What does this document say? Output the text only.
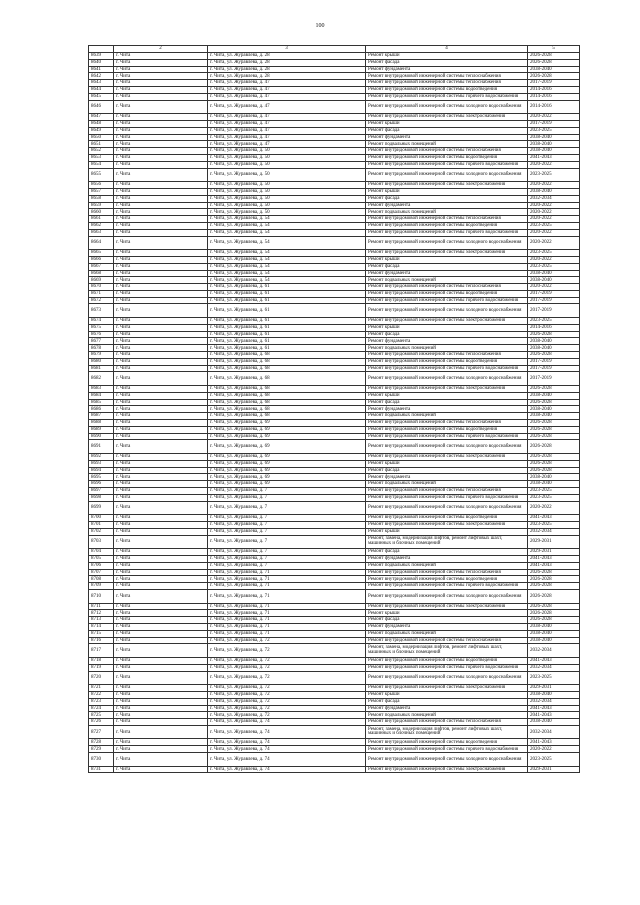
100
	2	3	4	5
8639	г. Чита	г. Чита, ул. Журавлева, д. 28	Ремонт крыши	2026-2028
8640	г. Чита	г. Чита, ул. Журавлева, д. 28	Ремонт фасада	2026-2028
8641	г. Чита	г. Чита, ул. Журавлева, д. 28	Ремонт фундамента	2038-2040
8642	г. Чита	г. Чита, ул. Журавлева, д. 28	Ремонт внутридомовой инженерной системы теплоснабжения	2026-2028
8643	г. Чита	г. Чита, ул. Журавлева, д. 47	Ремонт внутридомовой инженерной системы теплоснабжения	2017-2019
8644	г. Чита	г. Чита, ул. Журавлева, д. 47	Ремонт внутридомовой инженерной системы водоотведения	2014-2016
8645	г. Чита	г. Чита, ул. Журавлева, д. 47	Ремонт внутридомовой инженерной системы горячего водоснабжения	2014-2016
8646	г. Чита	г. Чита, ул. Журавлева, д. 47	Ремонт внутридомовой инженерной системы холодного водоснабжения	2014-2016
8647	г. Чита	г. Чита, ул. Журавлева, д. 47	Ремонт внутридомовой инженерной системы электроснабжения	2020-2022
8648	г. Чита	г. Чита, ул. Журавлева, д. 47	Ремонт крыши	2017-2019
8649	г. Чита	г. Чита, ул. Журавлева, д. 47	Ремонт фасада	2023-2025
8650	г. Чита	г. Чита, ул. Журавлева, д. 47	Ремонт фундамента	2038-2040
8651	г. Чита	г. Чита, ул. Журавлева, д. 47	Ремонт подвальных помещений	2038-2040
8652	г. Чита	г. Чита, ул. Журавлева, д. 50	Ремонт внутридомовой инженерной системы теплоснабжения	2038-2040
8653	г. Чита	г. Чита, ул. Журавлева, д. 50	Ремонт внутридомовой инженерной системы водоотведения	2041-2043
8654	г. Чита	г. Чита, ул. Журавлева, д. 50	Ремонт внутридомовой инженерной системы горячего водоснабжения	2020-2022
8655	г. Чита	г. Чита, ул. Журавлева, д. 50	Ремонт внутридомовой инженерной системы холодного водоснабжения	2023-2025
8656	г. Чита	г. Чита, ул. Журавлева, д. 50	Ремонт внутридомовой инженерной системы электроснабжения	2020-2022
8657	г. Чита	г. Чита, ул. Журавлева, д. 50	Ремонт крыши	2038-2040
8658	г. Чита	г. Чита, ул. Журавлева, д. 50	Ремонт фасада	2032-2034
8659	г. Чита	г. Чита, ул. Журавлева, д. 50	Ремонт фундамента	2020-2022
8660	г. Чита	г. Чита, ул. Журавлева, д. 50	Ремонт подвальных помещений	2020-2022
8661	г. Чита	г. Чита, ул. Журавлева, д. 54	Ремонт внутридомовой инженерной системы теплоснабжения	2020-2022
8662	г. Чита	г. Чита, ул. Журавлева, д. 54	Ремонт внутридомовой инженерной системы водоотведения	2023-2025
8663	г. Чита	г. Чита, ул. Журавлева, д. 54	Ремонт внутридомовой инженерной системы горячего водоснабжения	2020-2022
8664	г. Чита	г. Чита, ул. Журавлева, д. 54	Ремонт внутридомовой инженерной системы холодного водоснабжения	2020-2022
8665	г. Чита	г. Чита, ул. Журавлева, д. 54	Ремонт внутридомовой инженерной системы электроснабжения	2023-2025
8666	г. Чита	г. Чита, ул. Журавлева, д. 54	Ремонт крыши	2020-2022
8667	г. Чита	г. Чита, ул. Журавлева, д. 54	Ремонт фасада	2023-2025
8668	г. Чита	г. Чита, ул. Журавлева, д. 54	Ремонт фундамента	2038-2040
8669	г. Чита	г. Чита, ул. Журавлева, д. 54	Ремонт подвальных помещений	2038-2040
8670	г. Чита	г. Чита, ул. Журавлева, д. 61	Ремонт внутридомовой инженерной системы теплоснабжения	2020-2022
8671	г. Чита	г. Чита, ул. Журавлева, д. 61	Ремонт внутридомовой инженерной системы водоотведения	2017-2019
8672	г. Чита	г. Чита, ул. Журавлева, д. 61	Ремонт внутридомовой инженерной системы горячего водоснабжения	2017-2019
8673	г. Чита	г. Чита, ул. Журавлева, д. 61	Ремонт внутридомовой инженерной системы холодного водоснабжения	2017-2019
8674	г. Чита	г. Чита, ул. Журавлева, д. 61	Ремонт внутридомовой инженерной системы электроснабжения	2023-2025
8675	г. Чита	г. Чита, ул. Журавлева, д. 61	Ремонт крыши	2014-2016
8676	г. Чита	г. Чита, ул. Журавлева, д. 61	Ремонт фасада	2026-2028
8677	г. Чита	г. Чита, ул. Журавлева, д. 61	Ремонт фундамента	2038-2040
8678	г. Чита	г. Чита, ул. Журавлева, д. 61	Ремонт подвальных помещений	2038-2040
8679	г. Чита	г. Чита, ул. Журавлева, д. 68	Ремонт внутридомовой инженерной системы теплоснабжения	2026-2028
8680	г. Чита	г. Чита, ул. Журавлева, д. 68	Ремонт внутридомовой инженерной системы водоотведения	2017-2019
8681	г. Чита	г. Чита, ул. Журавлева, д. 68	Ремонт внутридомовой инженерной системы горячего водоснабжения	2017-2019
8682	г. Чита	г. Чита, ул. Журавлева, д. 68	Ремонт внутридомовой инженерной системы холодного водоснабжения	2017-2019
8683	г. Чита	г. Чита, ул. Журавлева, д. 68	Ремонт внутридомовой инженерной системы электроснабжения	2026-2028
8684	г. Чита	г. Чита, ул. Журавлева, д. 68	Ремонт крыши	2038-2040
8685	г. Чита	г. Чита, ул. Журавлева, д. 68	Ремонт фасада	2026-2028
8686	г. Чита	г. Чита, ул. Журавлева, д. 68	Ремонт фундамента	2038-2040
8687	г. Чита	г. Чита, ул. Журавлева, д. 68	Ремонт подвальных помещений	2038-2040
8688	г. Чита	г. Чита, ул. Журавлева, д. 69	Ремонт внутридомовой инженерной системы теплоснабжения	2026-2028
8689	г. Чита	г. Чита, ул. Журавлева, д. 69	Ремонт внутридомовой инженерной системы водоотведения	2026-2028
8690	г. Чита	г. Чита, ул. Журавлева, д. 69	Ремонт внутридомовой инженерной системы горячего водоснабжения	2026-2028
8691	г. Чита	г. Чита, ул. Журавлева, д. 69	Ремонт внутридомовой инженерной системы холодного водоснабжения	2026-2028
8692	г. Чита	г. Чита, ул. Журавлева, д. 69	Ремонт внутридомовой инженерной системы электроснабжения	2026-2028
8693	г. Чита	г. Чита, ул. Журавлева, д. 69	Ремонт крыши	2026-2028
8694	г. Чита	г. Чита, ул. Журавлева, д. 69	Ремонт фасада	2026-2028
8695	г. Чита	г. Чита, ул. Журавлева, д. 69	Ремонт фундамента	2038-2040
8696	г. Чита	г. Чита, ул. Журавлева, д. 69	Ремонт подвальных помещений	2038-2040
8697	г. Чита	г. Чита, ул. Журавлева, д. 7	Ремонт внутридомовой инженерной системы теплоснабжения	2023-2025
8698	г. Чита	г. Чита, ул. Журавлева, д. 7	Ремонт внутридомовой инженерной системы горячего водоснабжения	2023-2025
8699	г. Чита	г. Чита, ул. Журавлева, д. 7	Ремонт внутридомовой инженерной системы холодного водоснабжения	2020-2022
8700	г. Чита	г. Чита, ул. Журавлева, д. 7	Ремонт внутридомовой инженерной системы водоотведения	2041-2043
8701	г. Чита	г. Чита, ул. Журавлева, д. 7	Ремонт внутридомовой инженерной системы электроснабжения	2023-2025
8702	г. Чита	г. Чита, ул. Журавлева, д. 7	Ремонт крыши	2032-2034
8703	г. Чита	г. Чита, ул. Журавлева, д. 7	Ремонт, замена, модернизация лифтов, ремонт лифтовых шахт, машинных и блочных помещений	2029-2031
8704	г. Чита	г. Чита, ул. Журавлева, д. 7	Ремонт фасада	2029-2031
8705	г. Чита	г. Чита, ул. Журавлева, д. 7	Ремонт фундамента	2041-2043
8706	г. Чита	г. Чита, ул. Журавлева, д. 7	Ремонт подвальных помещений	2041-2043
8707	г. Чита	г. Чита, ул. Журавлева, д. 71	Ремонт внутридомовой инженерной системы теплоснабжения	2026-2028
8708	г. Чита	г. Чита, ул. Журавлева, д. 71	Ремонт внутридомовой инженерной системы водоотведения	2026-2028
8709	г. Чита	г. Чита, ул. Журавлева, д. 71	Ремонт внутридомовой инженерной системы горячего водоснабжения	2026-2028
8710	г. Чита	г. Чита, ул. Журавлева, д. 71	Ремонт внутридомовой инженерной системы холодного водоснабжения	2026-2028
8711	г. Чита	г. Чита, ул. Журавлева, д. 71	Ремонт внутридомовой инженерной системы электроснабжения	2026-2028
8712	г. Чита	г. Чита, ул. Журавлева, д. 71	Ремонт крыши	2026-2028
8713	г. Чита	г. Чита, ул. Журавлева, д. 71	Ремонт фасада	2026-2028
8714	г. Чита	г. Чита, ул. Журавлева, д. 71	Ремонт фундамента	2038-2040
8715	г. Чита	г. Чита, ул. Журавлева, д. 71	Ремонт подвальных помещений	2038-2040
8716	г. Чита	г. Чита, ул. Журавлева, д. 72	Ремонт внутридомовой инженерной системы теплоснабжения	2038-2040
8717	г. Чита	г. Чита, ул. Журавлева, д. 72	Ремонт, замена, модернизация лифтов, ремонт лифтовых шахт, машинных и блочных помещений	2032-2034
8718	г. Чита	г. Чита, ул. Журавлева, д. 72	Ремонт внутридомовой инженерной системы водоотведения	2041-2043
8719	г. Чита	г. Чита, ул. Журавлева, д. 72	Ремонт внутридомовой инженерной системы горячего водоснабжения	2032-2034
8720	г. Чита	г. Чита, ул. Журавлева, д. 72	Ремонт внутридомовой инженерной системы холодного водоснабжения	2023-2025
8721	г. Чита	г. Чита, ул. Журавлева, д. 72	Ремонт внутридомовой инженерной системы электроснабжения	2029-2031
8722	г. Чита	г. Чита, ул. Журавлева, д. 72	Ремонт крыши	2038-2040
8723	г. Чита	г. Чита, ул. Журавлева, д. 72	Ремонт фасада	2032-2034
8724	г. Чита	г. Чита, ул. Журавлева, д. 72	Ремонт фундамента	2041-2043
8725	г. Чита	г. Чита, ул. Журавлева, д. 72	Ремонт подвальных помещений	2041-2043
8726	г. Чита	г. Чита, ул. Журавлева, д. 74	Ремонт внутридомовой инженерной системы теплоснабжения	2038-2040
8727	г. Чита	г. Чита, ул. Журавлева, д. 74	Ремонт, замена, модернизация лифтов, ремонт лифтовых шахт, машинных и блочных помещений	2032-2034
8728	г. Чита	г. Чита, ул. Журавлева, д. 74	Ремонт внутридомовой инженерной системы водоотведения	2041-2043
8729	г. Чита	г. Чита, ул. Журавлева, д. 74	Ремонт внутридомовой инженерной системы горячего водоснабжения	2020-2022
8730	г. Чита	г. Чита, ул. Журавлева, д. 74	Ремонт внутридомовой инженерной системы холодного водоснабжения	2023-2025
8731	г. Чита	г. Чита, ул. Журавлева, д. 74	Ремонт внутридомовой инженерной системы электроснабжения	2029-2031
